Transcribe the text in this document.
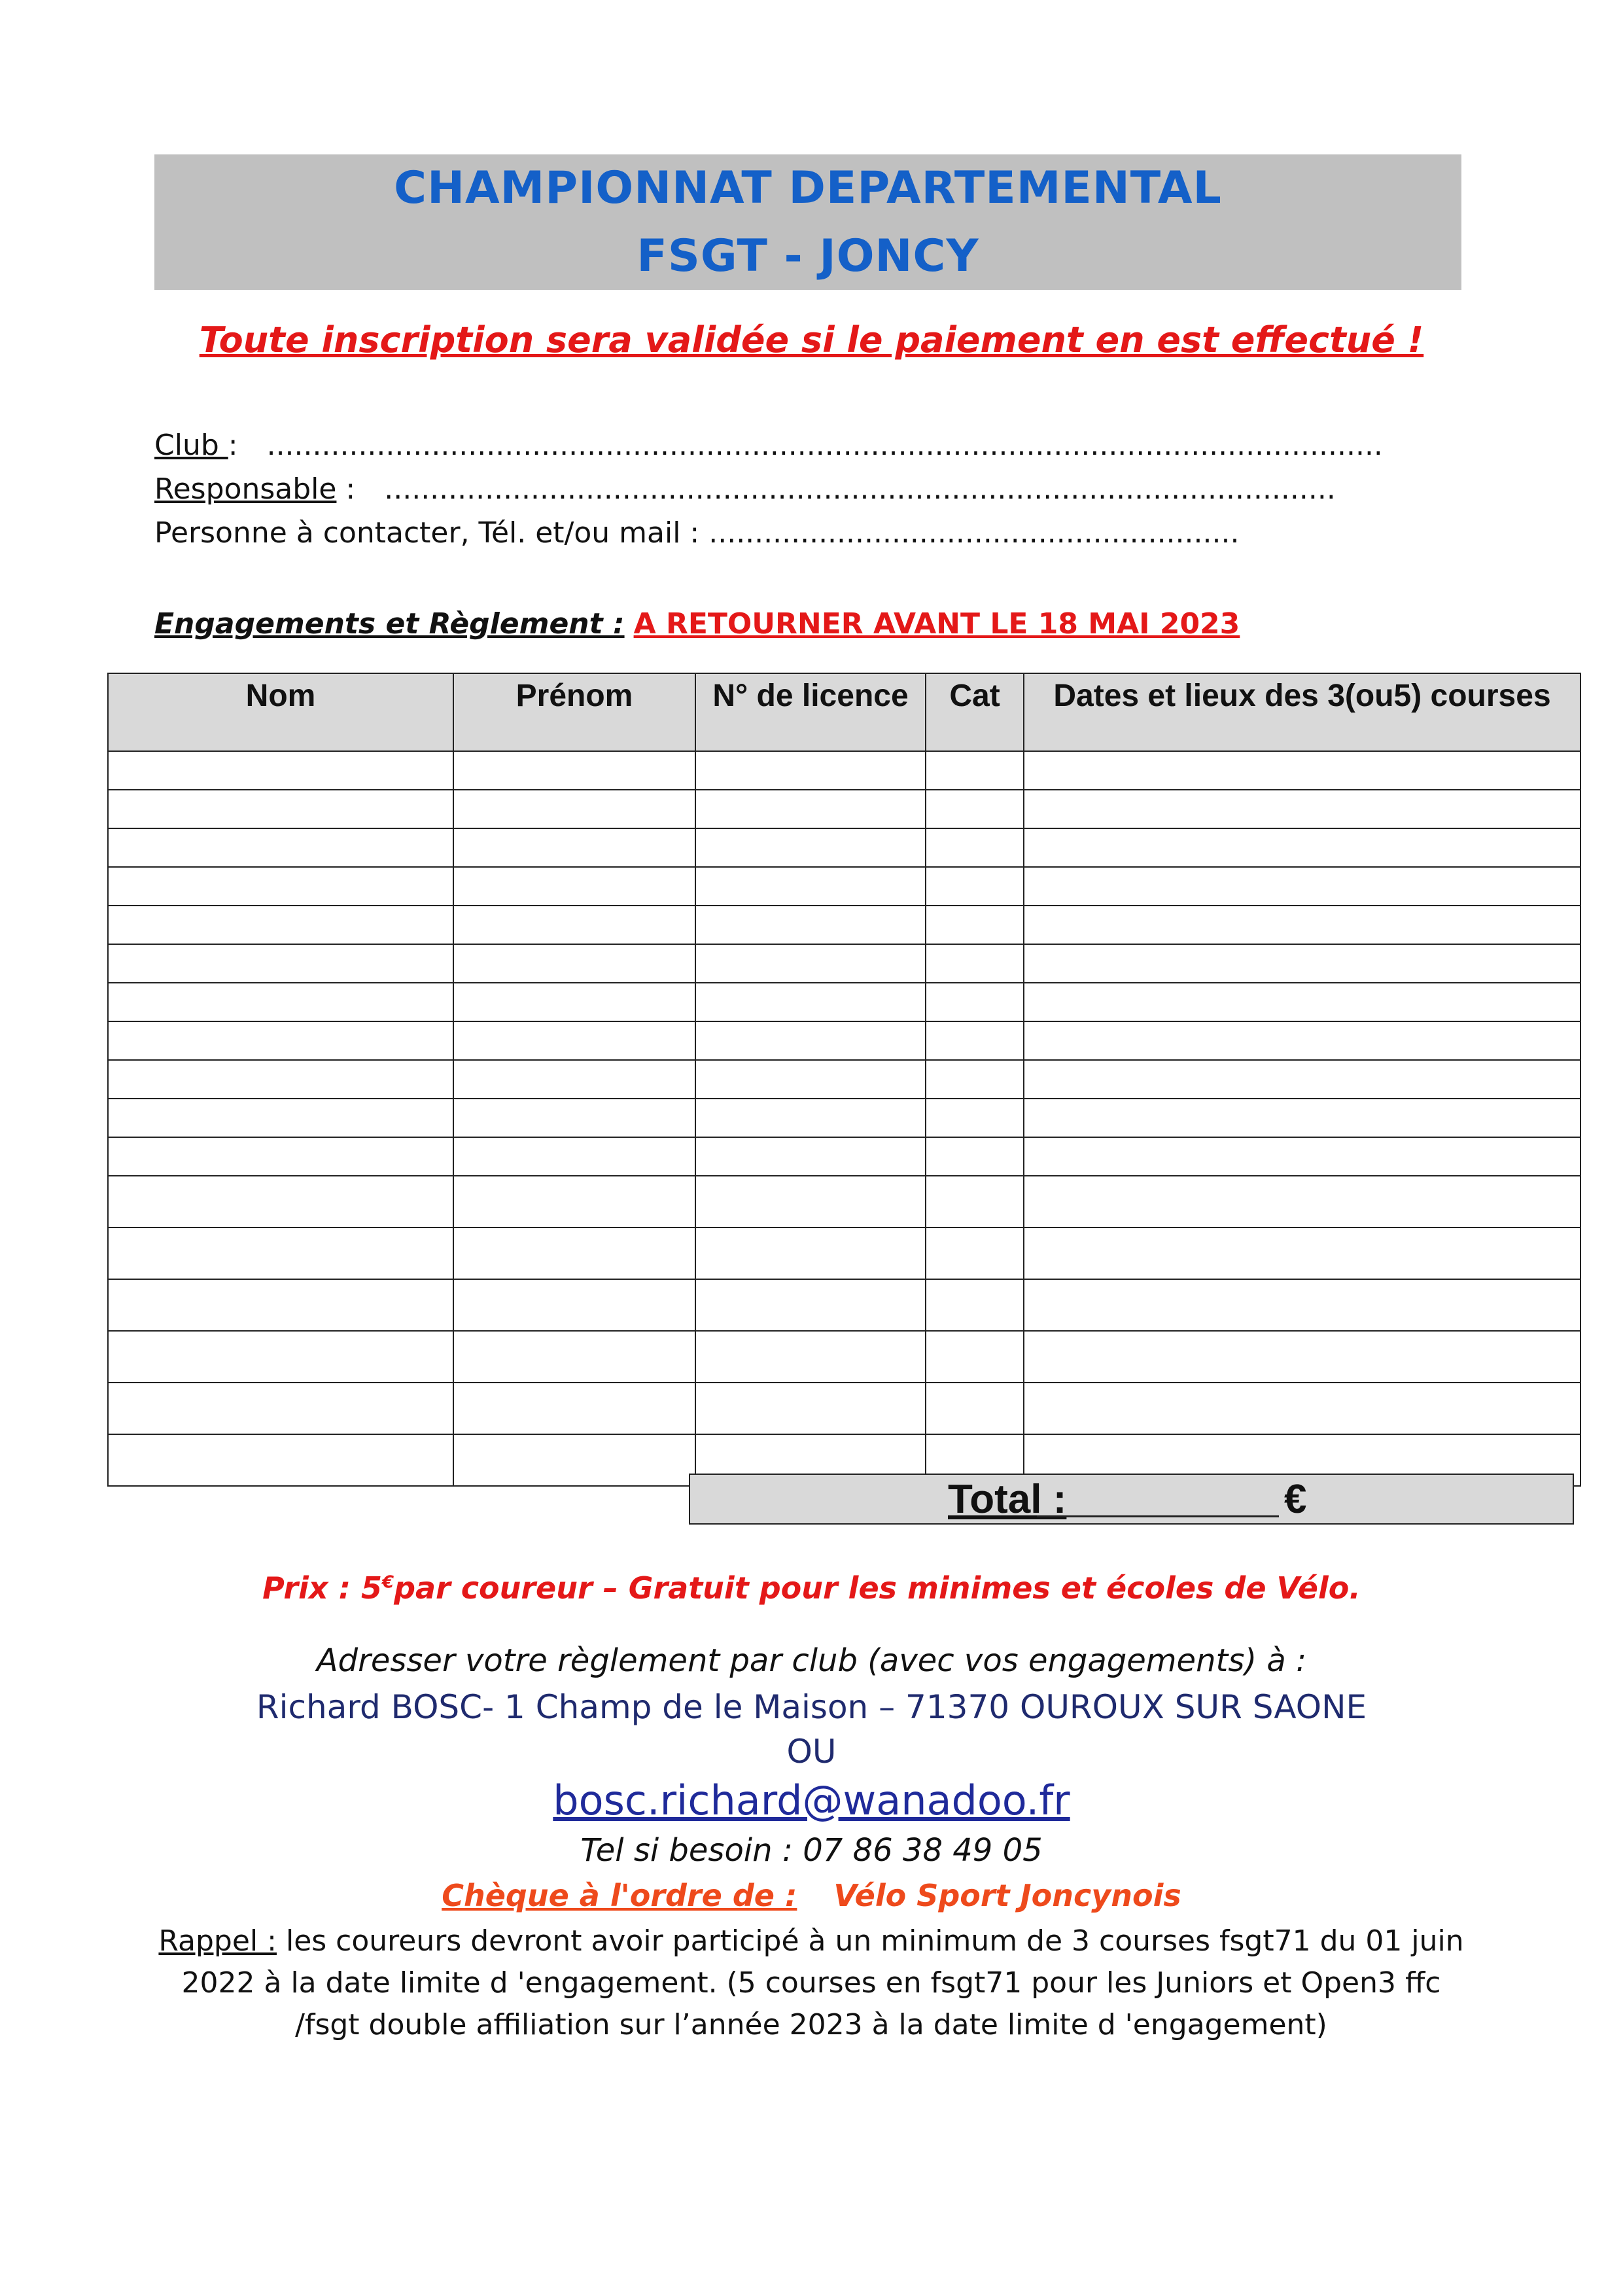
CHAMPIONNAT DEPARTEMENTAL
FSGT - JONCY
Toute inscription sera validée si le paiement en est effectué !
Club : ..........................................................................................................................
Responsable : ........................................................................................................
Personne à contacter, Tél. et/ou mail : ..........................................................
Engagements et Règlement : A RETOURNER AVANT LE 18 MAI 2023
Nom	Prénom	N° de licence	Cat	Dates et lieux des 3(ou5) courses

Total :	€
Prix : 5€par coureur – Gratuit pour les minimes et écoles de Vélo.
Adresser votre règlement par club (avec vos engagements) à :
Richard BOSC- 1 Champ de le Maison – 71370 OUROUX SUR SAONE
OU
bosc.richard@wanadoo.fr
Tel si besoin : 07 86 38 49 05
Chèque à l'ordre de : Vélo Sport Joncynois
Rappel : les coureurs devront avoir participé à un minimum de 3 courses fsgt71 du 01 juin 2022 à la date limite d 'engagement. (5 courses en fsgt71 pour les Juniors et Open3 ffc /fsgt double affiliation sur l’année 2023 à la date limite d 'engagement)
